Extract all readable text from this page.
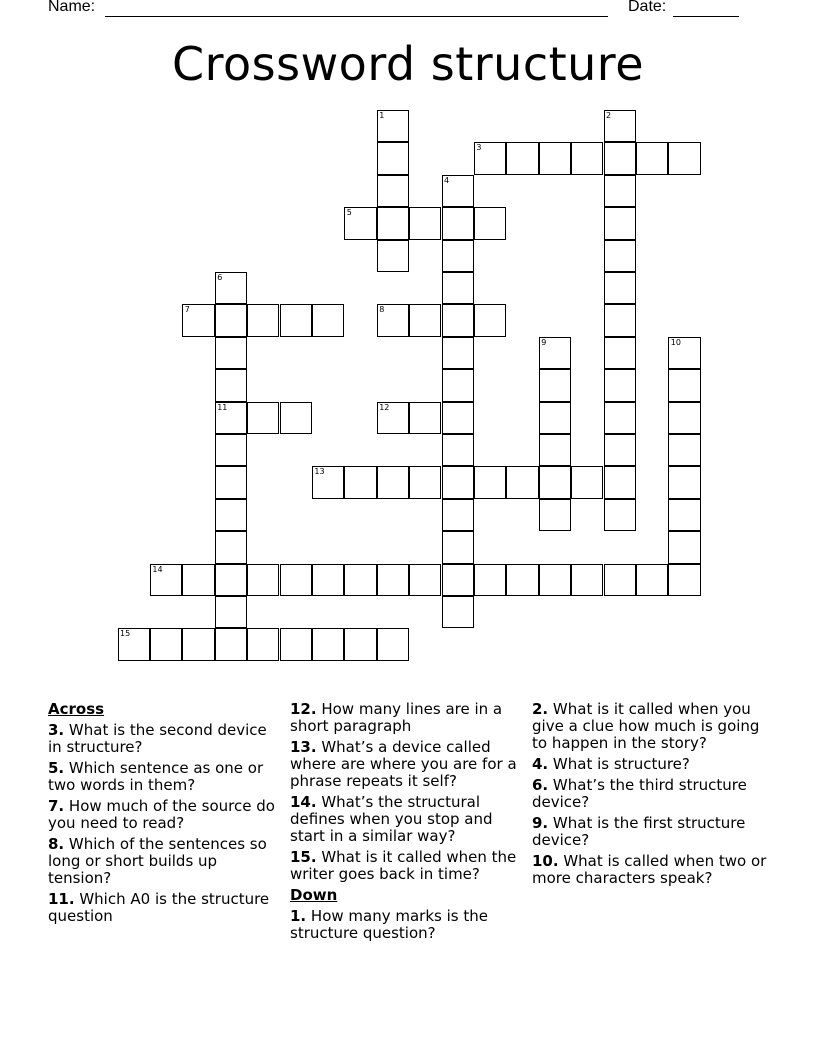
Name:	Date:
Crossword structure
1	2
3
4
5
6
11
7	8
9	10
12
13
14
15
Across
3. What is the second device in structure?
5. Which sentence as one or two words in them?
7. How much of the source do you need to read?
8. Which of the sentences so long or short builds up tension?
11. Which A0 is the structure question
12. How many lines are in a short paragraph
13. What’s a device called where are where you are for a phrase repeats it self?
14. What’s the structural defines when you stop and start in a similar way?
15. What is it called when the writer goes back in time?
Down
1. How many marks is the structure question?
2. What is it called when you give a clue how much is going to happen in the story?
4. What is structure?
6. What’s the third structure device?
9. What is the first structure device?
10. What is called when two or more characters speak?
